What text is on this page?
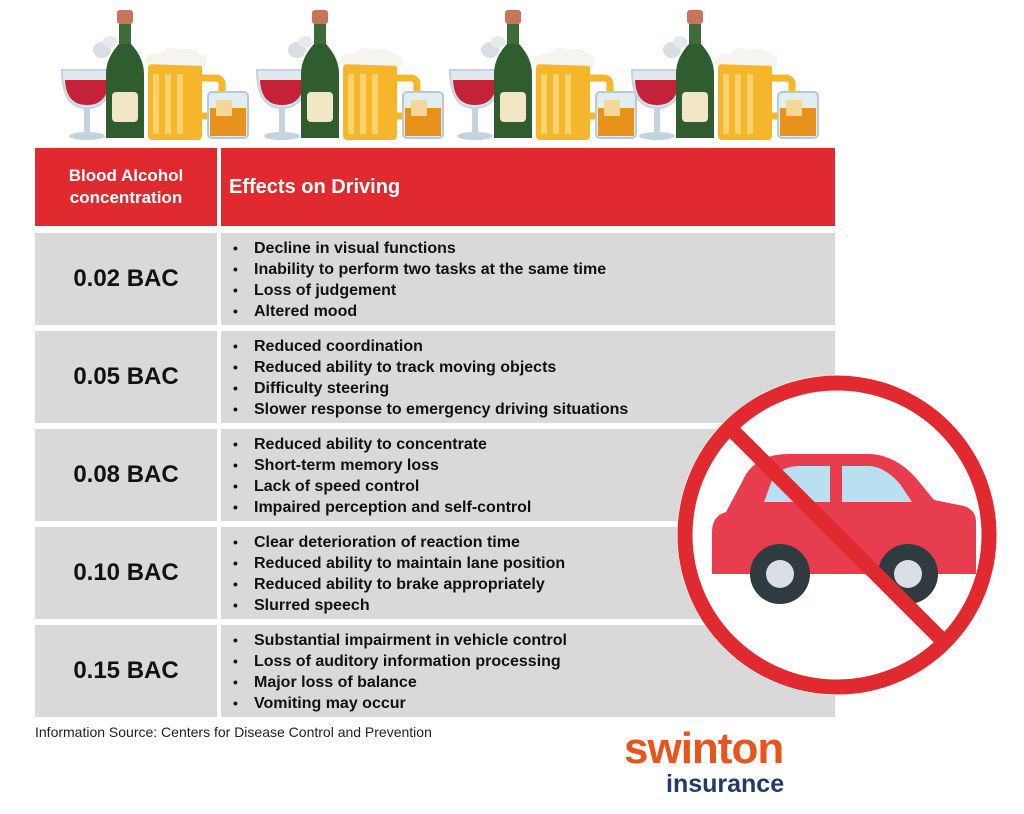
Blood Alcohol concentration	Effects on Driving
0.02 BAC
• Decline in visual functions
• Inability to perform two tasks at the same time
• Loss of judgement
• Altered mood
0.05 BAC
• Reduced coordination
• Reduced ability to track moving objects
• Difficulty steering
• Slower response to emergency driving situations
0.08 BAC
• Reduced ability to concentrate
• Short-term memory loss
• Lack of speed control
• Impaired perception and self-control
0.10 BAC
• Clear deterioration of reaction time
• Reduced ability to maintain lane position
• Reduced ability to brake appropriately
• Slurred speech
0.15 BAC
• Substantial impairment in vehicle control
• Loss of auditory information processing
• Major loss of balance
• Vomiting may occur
Information Source: Centers for Disease Control and Prevention	swinton
insurance
